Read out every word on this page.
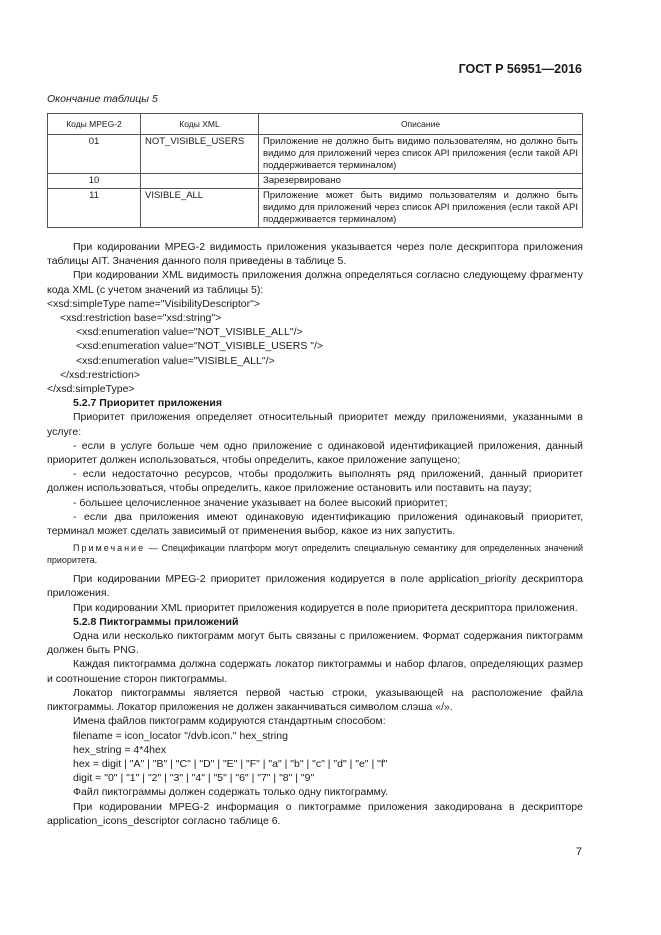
ГОСТ Р 56951—2016
Окончание таблицы 5
Коды MPEG-2	Коды XML	Описание
01	NOT_VISIBLE_USERS	Приложение не должно быть видимо пользователям, но должно быть видимо для приложений через список API приложения (если такой API поддерживается терминалом)
10		Зарезервировано
11	VISIBLE_ALL	Приложение может быть видимо пользователям и должно быть видимо для приложений через список API приложения (если такой API поддерживается терминалом)

При кодировании MPEG-2 видимость приложения указывается через поле дескриптора приложения таблицы AIT. Значения данного поля приведены в таблице 5.

При кодировании XML видимость приложения должна определяться согласно следующему фрагменту кода XML (с учетом значений из таблицы 5):

<xsd:simpleType name="VisibilityDescriptor">

<xsd:restriction base="xsd:string">

<xsd:enumeration value="NOT_VISIBLE_ALL"/>

<xsd:enumeration value="NOT_VISIBLE_USERS "/>

<xsd:enumeration value="VISIBLE_ALL"/>

</xsd:restriction>

</xsd:simpleType>

5.2.7 Приоритет приложения

Приоритет приложения определяет относительный приоритет между приложениями, указанными в услуге:

- если в услуге больше чем одно приложение с одинаковой идентификацией приложения, данный приоритет должен использоваться, чтобы определить, какое приложение запущено;

- если недостаточно ресурсов, чтобы продолжить выполнять ряд приложений, данный приоритет должен использоваться, чтобы определить, какое приложение остановить или поставить на паузу;

- большее целочисленное значение указывает на более высокий приоритет;

- если два приложения имеют одинаковую идентификацию приложения одинаковый приоритет, терминал может сделать зависимый от применения выбор, какое из них запустить.

Примечание — Спецификации платформ могут определить специальную семантику для определенных значений приоритета.

При кодировании MPEG-2 приоритет приложения кодируется в поле application_priority дескриптора приложения.

При кодировании XML приоритет приложения кодируется в поле приоритета дескриптора приложения.

5.2.8 Пиктограммы приложений

Одна или несколько пиктограмм могут быть связаны с приложением. Формат содержания пиктограмм должен быть PNG.

Каждая пиктограмма должна содержать локатор пиктограммы и набор флагов, определяющих размер и соотношение сторон пиктограммы.

Локатор пиктограммы является первой частью строки, указывающей на расположение файла пиктограммы. Локатор приложения не должен заканчиваться символом слэша «/».

Имена файлов пиктограмм кодируются стандартным способом:

filename = icon_locator "/dvb.icon." hex_string

hex_string = 4*4hex

hex = digit | "A" | "B" | "C" | "D" | "E" | "F" | "a" | "b" | "c" | "d" | "e" | "f"

digit = "0" | "1" | "2" | "3" | "4" | "5" | "6" | "7" | "8" | "9"

Файл пиктограммы должен содержать только одну пиктограмму.

При кодировании MPEG-2 информация о пиктограмме приложения закодирована в дескрипторе application_icons_descriptor согласно таблице 6.

7
